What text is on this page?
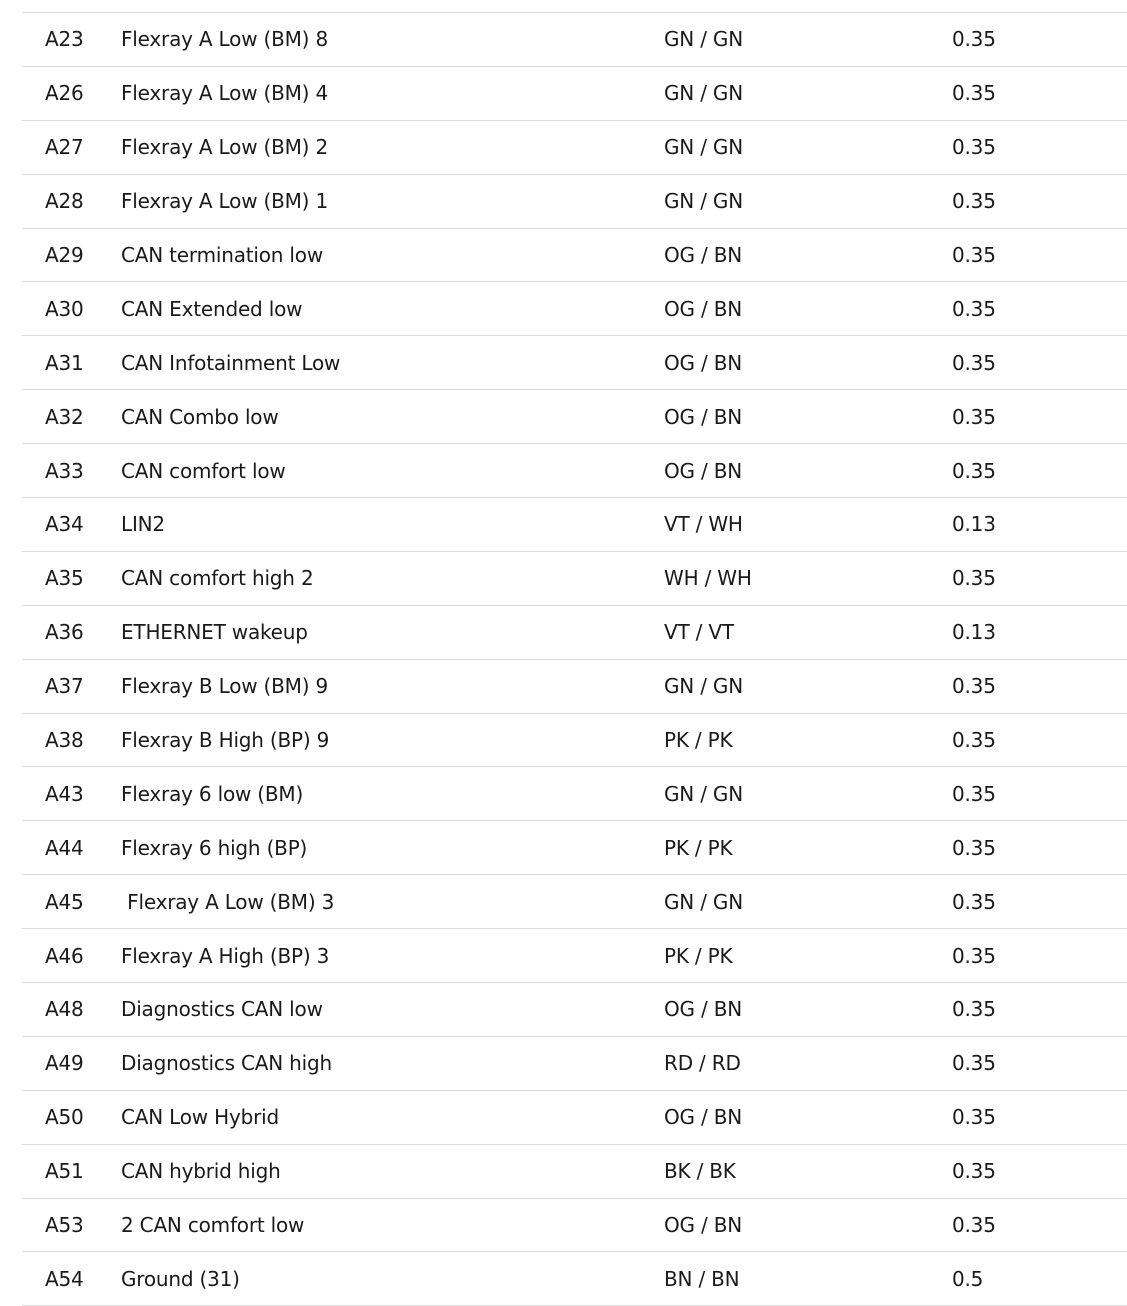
A23	Flexray A Low (BM) 8	GN / GN	0.35
A26	Flexray A Low (BM) 4	GN / GN	0.35
A27	Flexray A Low (BM) 2	GN / GN	0.35
A28	Flexray A Low (BM) 1	GN / GN	0.35
A29	CAN termination low	OG / BN	0.35
A30	CAN Extended low	OG / BN	0.35
A31	CAN Infotainment Low	OG / BN	0.35
A32	CAN Combo low	OG / BN	0.35
A33	CAN comfort low	OG / BN	0.35
A34	LIN2	VT / WH	0.13
A35	CAN comfort high 2	WH / WH	0.35
A36	ETHERNET wakeup	VT / VT	0.13
A37	Flexray B Low (BM) 9	GN / GN	0.35
A38	Flexray B High (BP) 9	PK / PK	0.35
A43	Flexray 6 low (BM)	GN / GN	0.35
A44	Flexray 6 high (BP)	PK / PK	0.35
A45	Flexray A Low (BM) 3	GN / GN	0.35
A46	Flexray A High (BP) 3	PK / PK	0.35
A48	Diagnostics CAN low	OG / BN	0.35
A49	Diagnostics CAN high	RD / RD	0.35
A50	CAN Low Hybrid	OG / BN	0.35
A51	CAN hybrid high	BK / BK	0.35
A53	2 CAN comfort low	OG / BN	0.35
A54	Ground (31)	BN / BN	0.5
